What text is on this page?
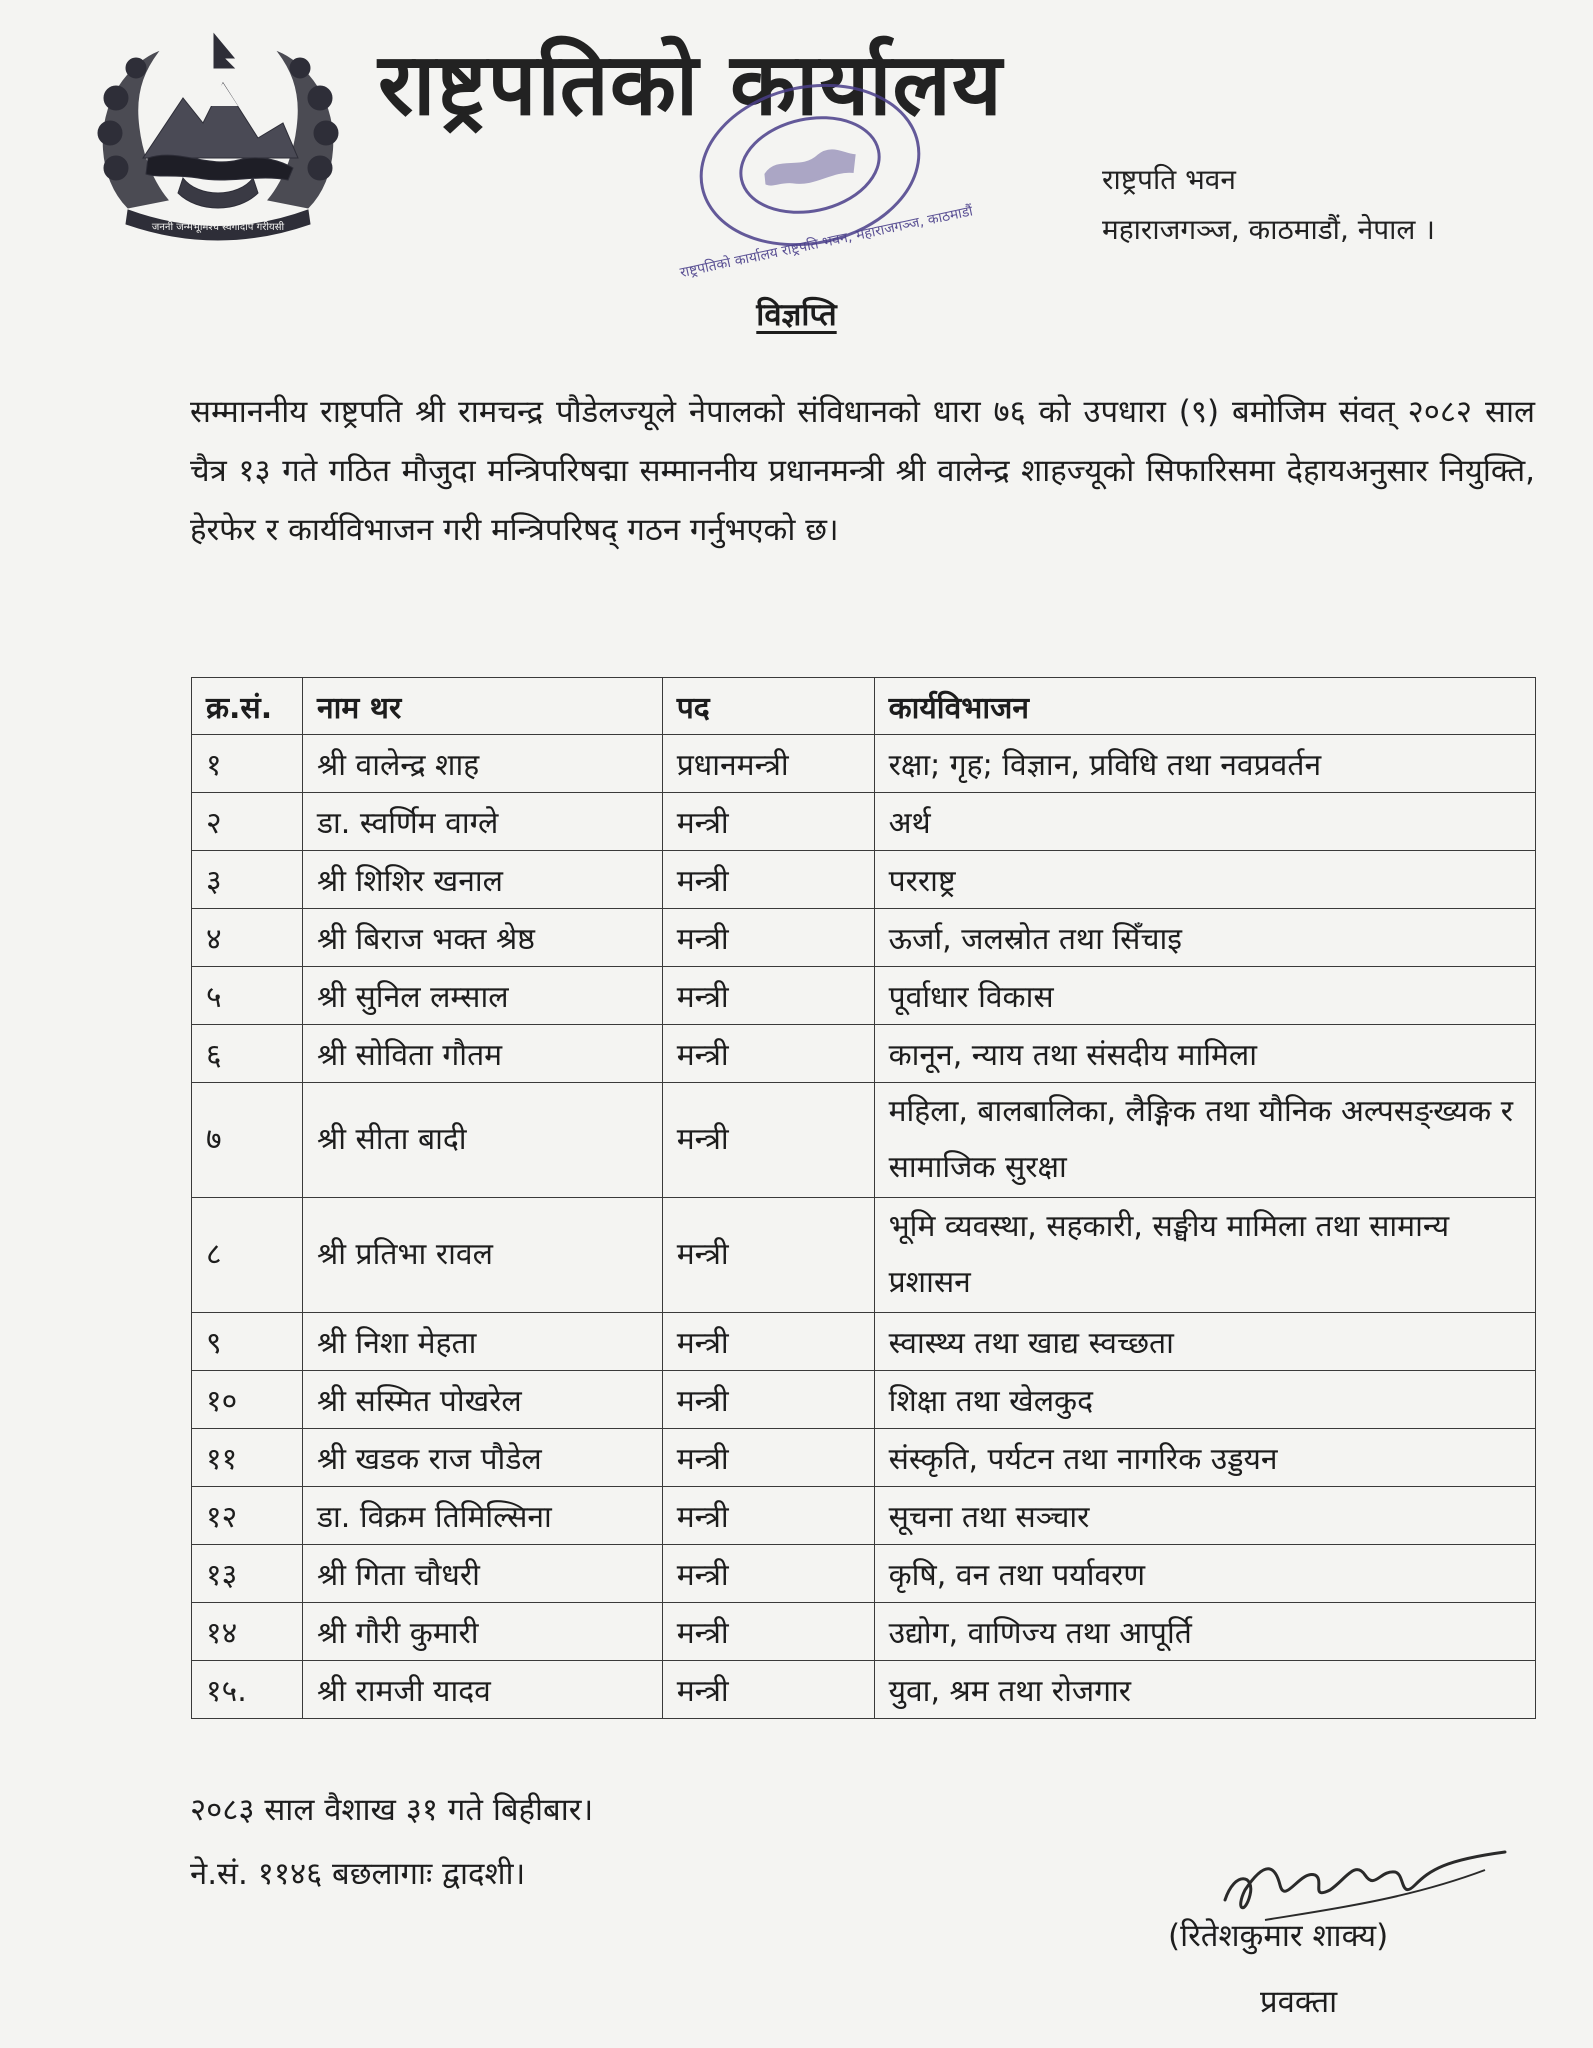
जननी जन्मभूमिश्च स्वर्गादपि गरीयसी
राष्ट्रपतिको कार्यालय
राष्ट्रपतिको कार्यालय राष्ट्रपति भवन, महाराजगञ्ज, काठमाडौं
राष्ट्रपति भवन
महाराजगञ्ज, काठमाडौं, नेपाल ।
विज्ञप्ति
सम्माननीय राष्ट्रपति श्री रामचन्द्र पौडेलज्यूले नेपालको संविधानको धारा ७६ को उपधारा (९) बमोजिम संवत् २०८२ साल चैत्र १३ गते गठित मौजुदा मन्त्रिपरिषद्मा सम्माननीय प्रधानमन्त्री श्री वालेन्द्र शाहज्यूको सिफारिसमा देहायअनुसार नियुक्ति, हेरफेर र कार्यविभाजन गरी मन्त्रिपरिषद् गठन गर्नुभएको छ।
क्र.सं.	नाम थर	पद	कार्यविभाजन
१	श्री वालेन्द्र शाह	प्रधानमन्त्री	रक्षा; गृह; विज्ञान, प्रविधि तथा नवप्रवर्तन
२	डा. स्वर्णिम वाग्ले	मन्त्री	अर्थ
३	श्री शिशिर खनाल	मन्त्री	परराष्ट्र
४	श्री बिराज भक्त श्रेष्ठ	मन्त्री	ऊर्जा, जलस्रोत तथा सिँचाइ
५	श्री सुनिल लम्साल	मन्त्री	पूर्वाधार विकास
६	श्री सोविता गौतम	मन्त्री	कानून, न्याय तथा संसदीय मामिला
७	श्री सीता बादी	मन्त्री	महिला, बालबालिका, लैङ्गिक तथा यौनिक अल्पसङ्ख्यक र सामाजिक सुरक्षा
८	श्री प्रतिभा रावल	मन्त्री	भूमि व्यवस्था, सहकारी, सङ्घीय मामिला तथा सामान्य प्रशासन
९	श्री निशा मेहता	मन्त्री	स्वास्थ्य तथा खाद्य स्वच्छता
१०	श्री सस्मित पोखरेल	मन्त्री	शिक्षा तथा खेलकुद
११	श्री खडक राज पौडेल	मन्त्री	संस्कृति, पर्यटन तथा नागरिक उड्डयन
१२	डा. विक्रम तिमिल्सिना	मन्त्री	सूचना तथा सञ्चार
१३	श्री गिता चौधरी	मन्त्री	कृषि, वन तथा पर्यावरण
१४	श्री गौरी कुमारी	मन्त्री	उद्योग, वाणिज्य तथा आपूर्ति
१५.	श्री रामजी यादव	मन्त्री	युवा, श्रम तथा रोजगार
२०८३ साल वैशाख ३१ गते बिहीबार।
ने.सं. ११४६ बछलागाः द्वादशी।
(रितेशकुमार शाक्य)
प्रवक्ता
